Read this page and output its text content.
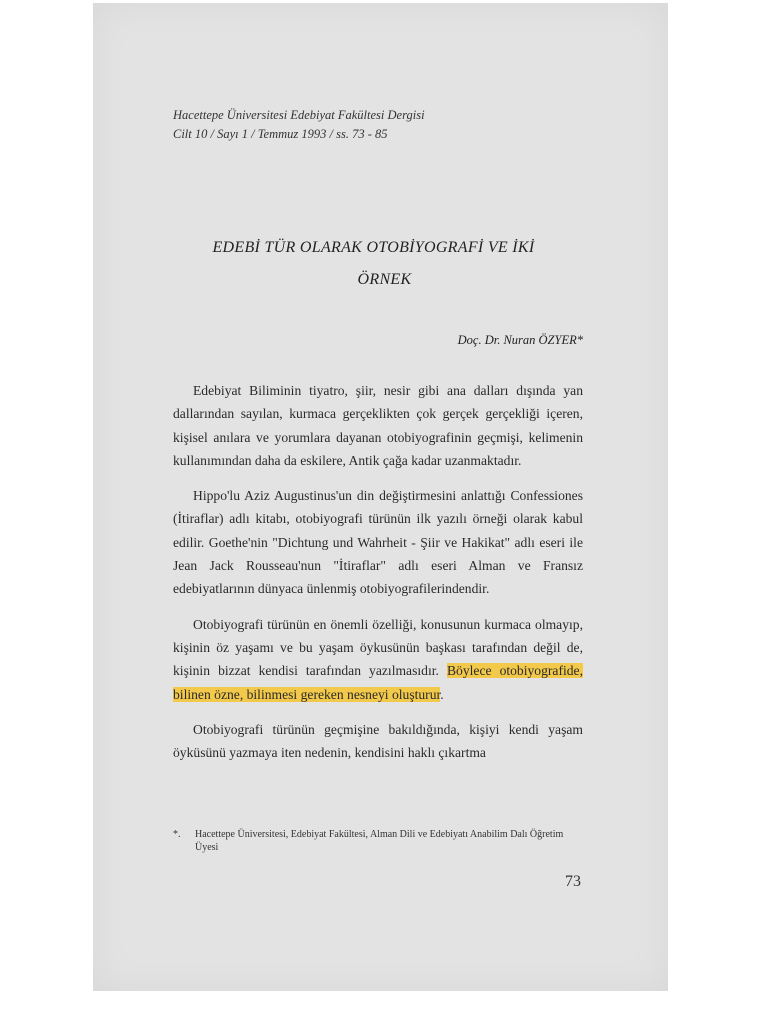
Hacettepe Üniversitesi Edebiyat Fakültesi Dergisi
Cilt 10 / Sayı 1 / Temmuz 1993 / ss. 73 - 85
EDEBİ TÜR OLARAK OTOBİYOGRAFİ VE İKİ
ÖRNEK
Doç. Dr. Nuran ÖZYER*

Edebiyat Biliminin tiyatro, şiir, nesir gibi ana dalları dışında yan dallarından sayılan, kurmaca gerçeklikten çok gerçek gerçekliği içeren, kişisel anılara ve yorumlara dayanan otobiyografinin geçmişi, kelimenin kullanımından daha da eskilere, Antik çağa kadar uzanmaktadır.

Hippo'lu Aziz Augustinus'un din değiştirmesini anlattığı Confessiones (İtiraflar) adlı kitabı, otobiyografi türünün ilk yazılı örneği olarak kabul edilir. Goethe'nin "Dichtung und Wahrheit - Şiir ve Hakikat" adlı eseri ile Jean Jack Rousseau'nun "İtiraflar" adlı eseri Alman ve Fransız edebiyatlarının dünyaca ünlenmiş otobiyografilerindendir.

Otobiyografi türünün en önemli özelliği, konusunun kurmaca olmayıp, kişinin öz yaşamı ve bu yaşam öykusünün başkası tarafından değil de, kişinin bizzat kendisi tarafından yazılmasıdır. Böylece otobiyografide, bilinen özne, bilinmesi gereken nesneyi oluşturur.

Otobiyografi türünün geçmişine bakıldığında, kişiyi kendi yaşam öyküsünü yazmaya iten nedenin, kendisini haklı çıkartma

*. Hacettepe Üniversitesi, Edebiyat Fakültesi, Alman Dili ve Edebiyatı Anabilim Dalı Öğretim Üyesi
73
